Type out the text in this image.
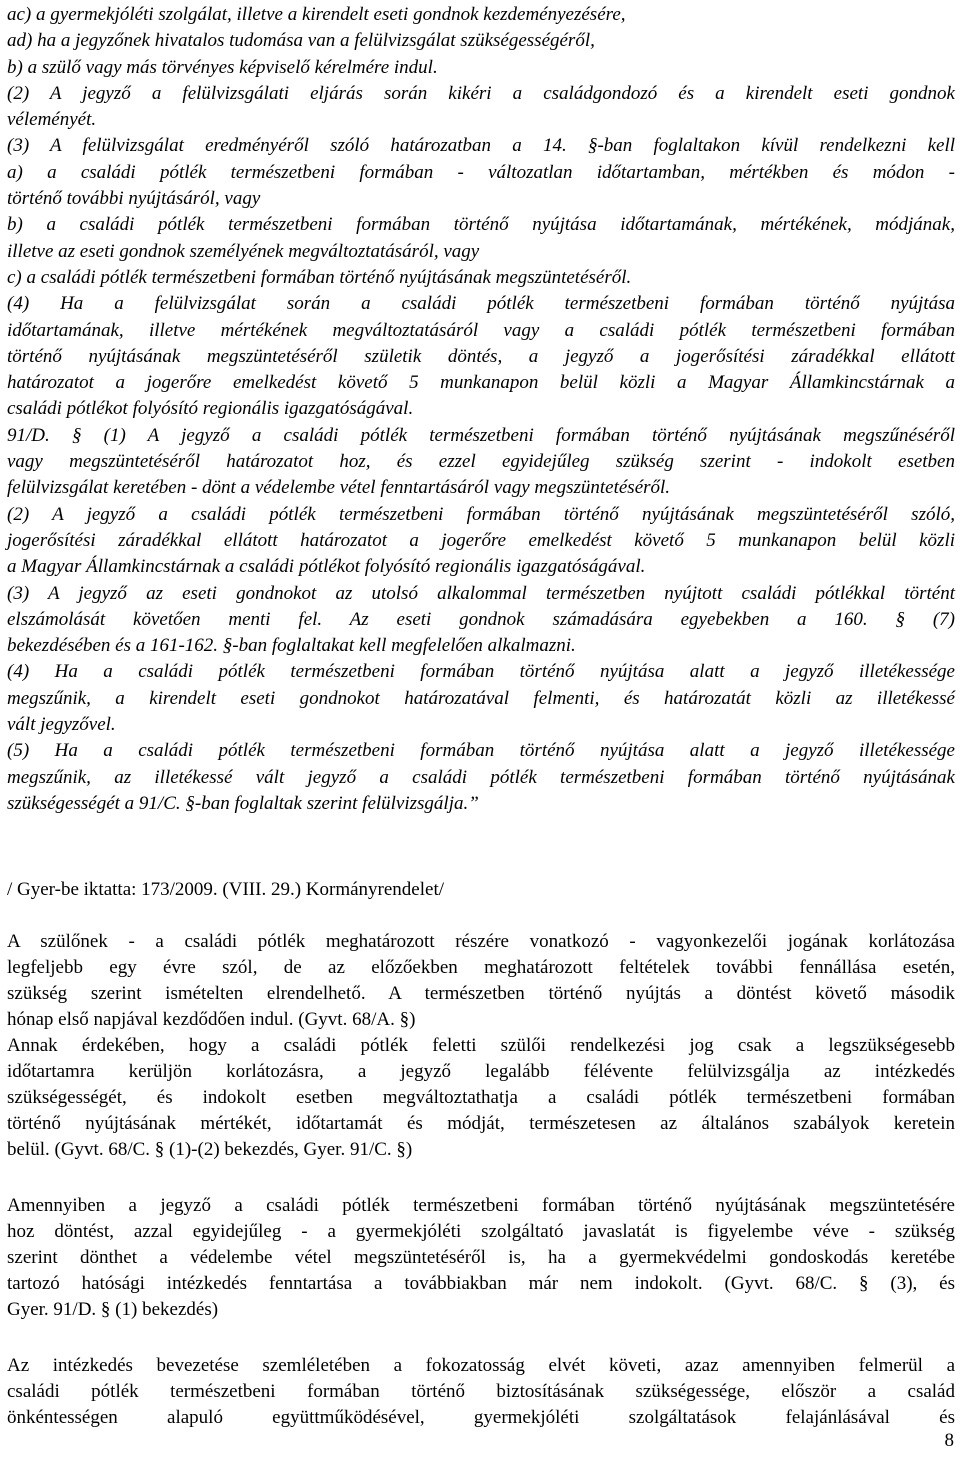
ac) a gyermekjóléti szolgálat, illetve a kirendelt eseti gondnok kezdeményezésére,
ad) ha a jegyzőnek hivatalos tudomása van a felülvizsgálat szükségességéről,
b) a szülő vagy más törvényes képviselő kérelmére indul.
(2) A jegyző a felülvizsgálati eljárás során kikéri a családgondozó és a kirendelt eseti gondnok
véleményét.
(3) A felülvizsgálat eredményéről szóló határozatban a 14. §-ban foglaltakon kívül rendelkezni kell
a) a családi pótlék természetbeni formában - változatlan időtartamban, mértékben és módon -
történő további nyújtásáról, vagy
b) a családi pótlék természetbeni formában történő nyújtása időtartamának, mértékének, módjának,
illetve az eseti gondnok személyének megváltoztatásáról, vagy
c) a családi pótlék természetbeni formában történő nyújtásának megszüntetéséről.
(4) Ha a felülvizsgálat során a családi pótlék természetbeni formában történő nyújtása
időtartamának, illetve mértékének megváltoztatásáról vagy a családi pótlék természetbeni formában
történő nyújtásának megszüntetéséről születik döntés, a jegyző a jogerősítési záradékkal ellátott
határozatot a jogerőre emelkedést követő 5 munkanapon belül közli a Magyar Államkincstárnak a
családi pótlékot folyósító regionális igazgatóságával.
91/D. § (1) A jegyző a családi pótlék természetbeni formában történő nyújtásának megszűnéséről
vagy megszüntetéséről határozatot hoz, és ezzel egyidejűleg szükség szerint - indokolt esetben
felülvizsgálat keretében - dönt a védelembe vétel fenntartásáról vagy megszüntetéséről.
(2) A jegyző a családi pótlék természetbeni formában történő nyújtásának megszüntetéséről szóló,
jogerősítési záradékkal ellátott határozatot a jogerőre emelkedést követő 5 munkanapon belül közli
a Magyar Államkincstárnak a családi pótlékot folyósító regionális igazgatóságával.
(3) A jegyző az eseti gondnokot az utolsó alkalommal természetben nyújtott családi pótlékkal történt
elszámolását követően menti fel. Az eseti gondnok számadására egyebekben a 160. § (7)
bekezdésében és a 161-162. §-ban foglaltakat kell megfelelően alkalmazni.
(4) Ha a családi pótlék természetbeni formában történő nyújtása alatt a jegyző illetékessége
megszűnik, a kirendelt eseti gondnokot határozatával felmenti, és határozatát közli az illetékessé
vált jegyzővel.
(5) Ha a családi pótlék természetbeni formában történő nyújtása alatt a jegyző illetékessége
megszűnik, az illetékessé vált jegyző a családi pótlék természetbeni formában történő nyújtásának
szükségességét a 91/C. §-ban foglaltak szerint felülvizsgálja.”
/ Gyer-be iktatta: 173/2009. (VIII. 29.) Kormányrendelet/
A szülőnek - a családi pótlék meghatározott részére vonatkozó - vagyonkezelői jogának korlátozása
legfeljebb egy évre szól, de az előzőekben meghatározott feltételek további fennállása esetén,
szükség szerint ismételten elrendelhető. A természetben történő nyújtás a döntést követő második
hónap első napjával kezdődően indul. (Gyvt. 68/A. §)
Annak érdekében, hogy a családi pótlék feletti szülői rendelkezési jog csak a legszükségesebb
időtartamra kerüljön korlátozásra, a jegyző legalább félévente felülvizsgálja az intézkedés
szükségességét, és indokolt esetben megváltoztathatja a családi pótlék természetbeni formában
történő nyújtásának mértékét, időtartamát és módját, természetesen az általános szabályok keretein
belül. (Gyvt. 68/C. § (1)-(2) bekezdés, Gyer. 91/C. §)
Amennyiben a jegyző a családi pótlék természetbeni formában történő nyújtásának megszüntetésére
hoz döntést, azzal egyidejűleg - a gyermekjóléti szolgáltató javaslatát is figyelembe véve - szükség
szerint dönthet a védelembe vétel megszüntetéséről is, ha a gyermekvédelmi gondoskodás keretébe
tartozó hatósági intézkedés fenntartása a továbbiakban már nem indokolt. (Gyvt. 68/C. § (3), és
Gyer. 91/D. § (1) bekezdés)
Az intézkedés bevezetése szemléletében a fokozatosság elvét követi, azaz amennyiben felmerül a
családi pótlék természetbeni formában történő biztosításának szükségessége, először a család
önkéntességen alapuló együttműködésével, gyermekjóléti szolgáltatások felajánlásával és
8
